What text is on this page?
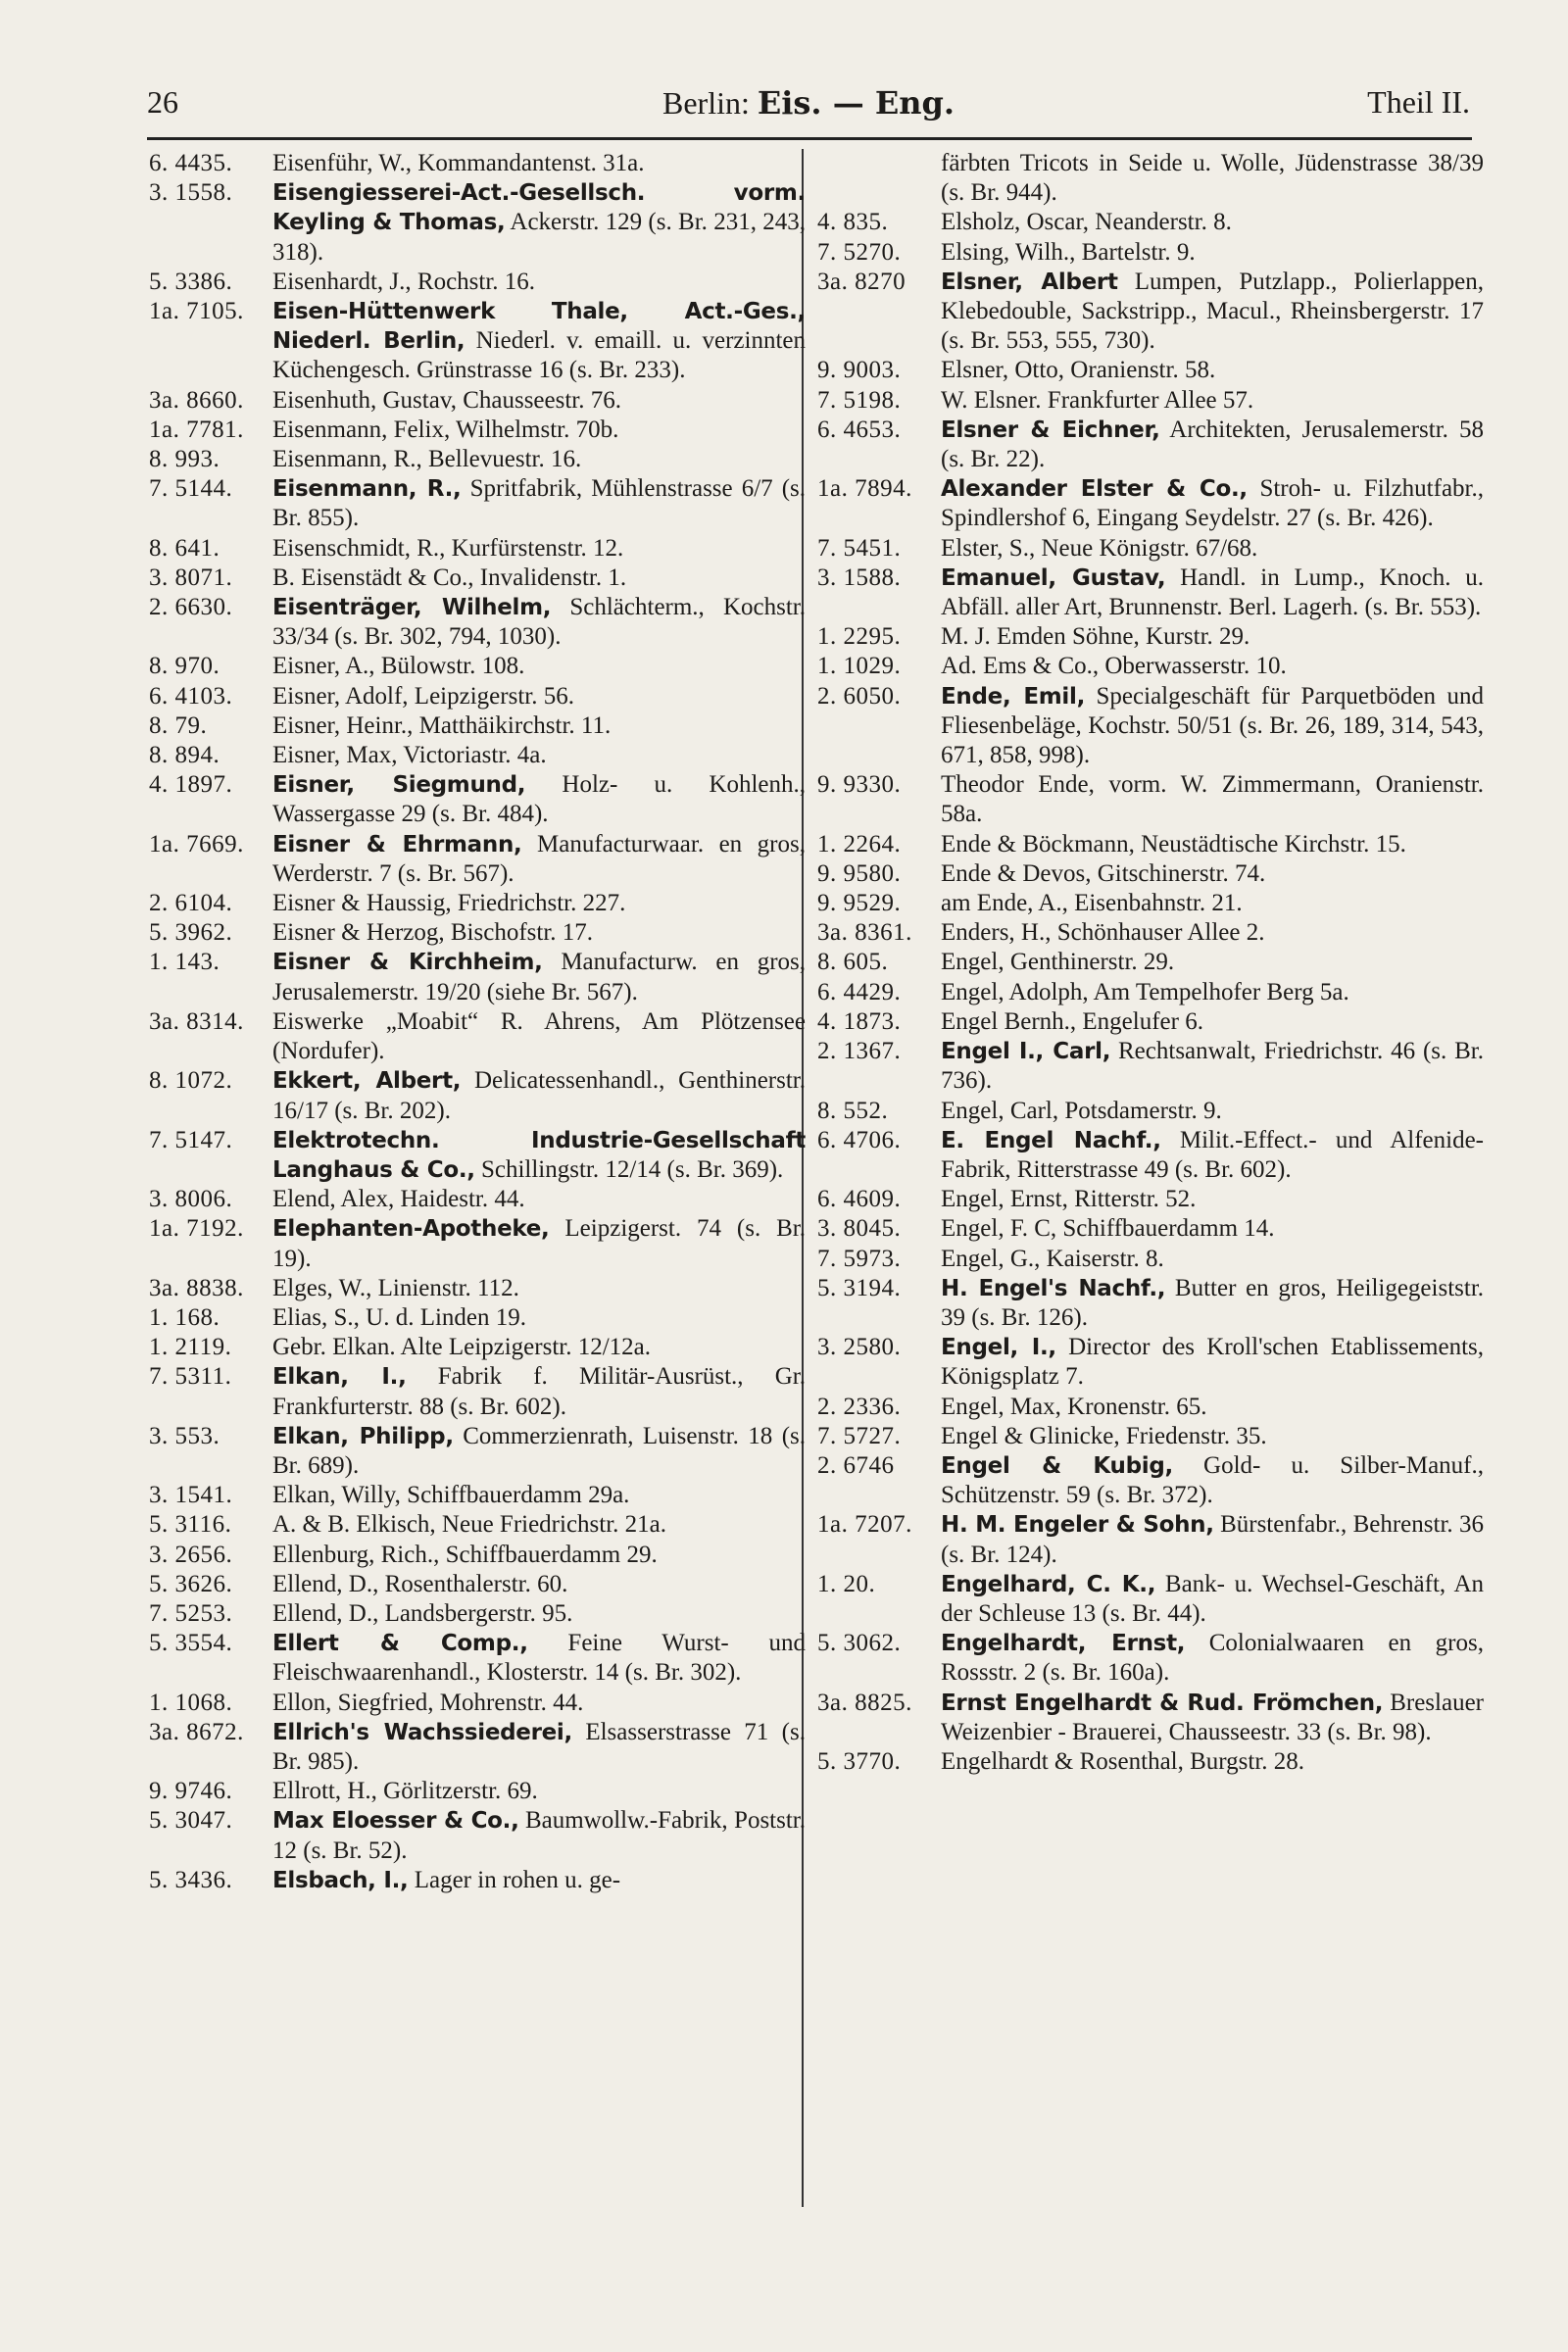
26	Berlin: Eis. — Eng.	Theil II.
6. 4435.	Eisenführ, W., Kommandantenst. 31a.
3. 1558.	Eisengiesserei-Act.-Gesellsch. vorm. Keyling & Thomas, Ackerstr. 129 (s. Br. 231, 243, 318).
5. 3386.	Eisenhardt, J., Rochstr. 16.
1a. 7105.	Eisen-Hüttenwerk Thale, Act.-Ges., Niederl. Berlin, Niederl. v. emaill. u. verzinnten Küchengesch. Grünstrasse 16 (s. Br. 233).
3a. 8660.	Eisenhuth, Gustav, Chausseestr. 76.
1a. 7781.	Eisenmann, Felix, Wilhelmstr. 70b.
8. 993.	Eisenmann, R., Bellevuestr. 16.
7. 5144.	Eisenmann, R., Spritfabrik, Mühlenstrasse 6/7 (s. Br. 855).
8. 641.	Eisenschmidt, R., Kurfürstenstr. 12.
3. 8071.	B. Eisenstädt & Co., Invalidenstr. 1.
2. 6630.	Eisenträger, Wilhelm, Schlächterm., Kochstr. 33/34 (s. Br. 302, 794, 1030).
8. 970.	Eisner, A., Bülowstr. 108.
6. 4103.	Eisner, Adolf, Leipzigerstr. 56.
8. 79.	Eisner, Heinr., Matthäikirchstr. 11.
8. 894.	Eisner, Max, Victoriastr. 4a.
4. 1897.	Eisner, Siegmund, Holz- u. Kohlenh., Wassergasse 29 (s. Br. 484).
1a. 7669.	Eisner & Ehrmann, Manufacturwaar. en gros, Werderstr. 7 (s. Br. 567).
2. 6104.	Eisner & Haussig, Friedrichstr. 227.
5. 3962.	Eisner & Herzog, Bischofstr. 17.
1. 143.	Eisner & Kirchheim, Manufacturw. en gros, Jerusalemerstr. 19/20 (siehe Br. 567).
3a. 8314.	Eiswerke „Moabit“ R. Ahrens, Am Plötzensee (Nordufer).
8. 1072.	Ekkert, Albert, Delicatessenhandl., Genthinerstr. 16/17 (s. Br. 202).
7. 5147.	Elektrotechn. Industrie-Gesellschaft Langhaus & Co., Schillingstr. 12/14 (s. Br. 369).
3. 8006.	Elend, Alex, Haidestr. 44.
1a. 7192.	Elephanten-Apotheke, Leipzigerst. 74 (s. Br. 19).
3a. 8838.	Elges, W., Linienstr. 112.
1. 168.	Elias, S., U. d. Linden 19.
1. 2119.	Gebr. Elkan. Alte Leipzigerstr. 12/12a.
7. 5311.	Elkan, I., Fabrik f. Militär-Ausrüst., Gr. Frankfurterstr. 88 (s. Br. 602).
3. 553.	Elkan, Philipp, Commerzienrath, Luisenstr. 18 (s. Br. 689).
3. 1541.	Elkan, Willy, Schiffbauerdamm 29a.
5. 3116.	A. & B. Elkisch, Neue Friedrichstr. 21a.
3. 2656.	Ellenburg, Rich., Schiffbauerdamm 29.
5. 3626.	Ellend, D., Rosenthalerstr. 60.
7. 5253.	Ellend, D., Landsbergerstr. 95.
5. 3554.	Ellert & Comp., Feine Wurst- und Fleischwaarenhandl., Klosterstr. 14 (s. Br. 302).
1. 1068.	Ellon, Siegfried, Mohrenstr. 44.
3a. 8672.	Ellrich's Wachssiederei, Elsasserstrasse 71 (s. Br. 985).
9. 9746.	Ellrott, H., Görlitzerstr. 69.
5. 3047.	Max Eloesser & Co., Baumwollw.-Fabrik, Poststr. 12 (s. Br. 52).
5. 3436.	Elsbach, I., Lager in rohen u. ge-
färbten Tricots in Seide u. Wolle, Jüdenstrasse 38/39 (s. Br. 944).
4. 835.	Elsholz, Oscar, Neanderstr. 8.
7. 5270.	Elsing, Wilh., Bartelstr. 9.
3a. 8270	Elsner, Albert Lumpen, Putzlapp., Polierlappen, Klebedouble, Sackstripp., Macul., Rheinsbergerstr. 17 (s. Br. 553, 555, 730).
9. 9003.	Elsner, Otto, Oranienstr. 58.
7. 5198.	W. Elsner. Frankfurter Allee 57.
6. 4653.	Elsner & Eichner, Architekten, Jerusalemerstr. 58 (s. Br. 22).
1a. 7894.	Alexander Elster & Co., Stroh- u. Filzhutfabr., Spindlershof 6, Eingang Seydelstr. 27 (s. Br. 426).
7. 5451.	Elster, S., Neue Königstr. 67/68.
3. 1588.	Emanuel, Gustav, Handl. in Lump., Knoch. u. Abfäll. aller Art, Brunnenstr. Berl. Lagerh. (s. Br. 553).
1. 2295.	M. J. Emden Söhne, Kurstr. 29.
1. 1029.	Ad. Ems & Co., Oberwasserstr. 10.
2. 6050.	Ende, Emil, Specialgeschäft für Parquetböden und Fliesenbeläge, Kochstr. 50/51 (s. Br. 26, 189, 314, 543, 671, 858, 998).
9. 9330.	Theodor Ende, vorm. W. Zimmermann, Oranienstr. 58a.
1. 2264.	Ende & Böckmann, Neustädtische Kirchstr. 15.
9. 9580.	Ende & Devos, Gitschinerstr. 74.
9. 9529.	am Ende, A., Eisenbahnstr. 21.
3a. 8361.	Enders, H., Schönhauser Allee 2.
8. 605.	Engel, Genthinerstr. 29.
6. 4429.	Engel, Adolph, Am Tempelhofer Berg 5a.
4. 1873.	Engel Bernh., Engelufer 6.
2. 1367.	Engel I., Carl, Rechtsanwalt, Friedrichstr. 46 (s. Br. 736).
8. 552.	Engel, Carl, Potsdamerstr. 9.
6. 4706.	E. Engel Nachf., Milit.-Effect.- und Alfenide-Fabrik, Ritterstrasse 49 (s. Br. 602).
6. 4609.	Engel, Ernst, Ritterstr. 52.
3. 8045.	Engel, F. C, Schiffbauerdamm 14.
7. 5973.	Engel, G., Kaiserstr. 8.
5. 3194.	H. Engel's Nachf., Butter en gros, Heiligegeiststr. 39 (s. Br. 126).
3. 2580.	Engel, I., Director des Kroll'schen Etablissements, Königsplatz 7.
2. 2336.	Engel, Max, Kronenstr. 65.
7. 5727.	Engel & Glinicke, Friedenstr. 35.
2. 6746	Engel & Kubig, Gold- u. Silber-Manuf., Schützenstr. 59 (s. Br. 372).
1a. 7207.	H. M. Engeler & Sohn, Bürstenfabr., Behrenstr. 36 (s. Br. 124).
1. 20.	Engelhard, C. K., Bank- u. Wechsel-Geschäft, An der Schleuse 13 (s. Br. 44).
5. 3062.	Engelhardt, Ernst, Colonialwaaren en gros, Rossstr. 2 (s. Br. 160a).
3a. 8825.	Ernst Engelhardt & Rud. Frömchen, Breslauer Weizenbier - Brauerei, Chausseestr. 33 (s. Br. 98).
5. 3770.	Engelhardt & Rosenthal, Burgstr. 28.
